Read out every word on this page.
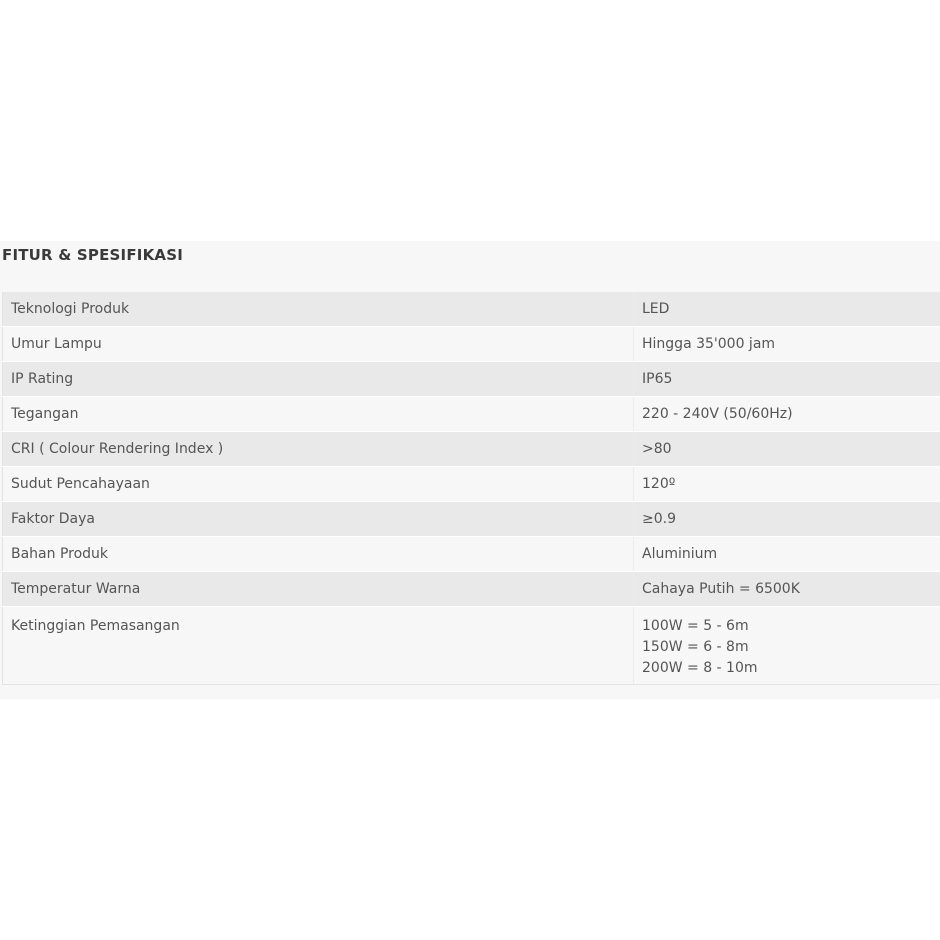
FITUR & SPESIFIKASI
Teknologi Produk	LED

Umur Lampu	Hingga 35'000 jam

IP Rating	IP65

Tegangan	220 - 240V (50/60Hz)

CRI ( Colour Rendering Index )	>80

Sudut Pencahayaan	120º

Faktor Daya	≥0.9

Bahan Produk	Aluminium

Temperatur Warna	Cahaya Putih = 6500K

Ketinggian Pemasangan	100W = 5 - 6m
150W = 6 - 8m
200W = 8 - 10m
